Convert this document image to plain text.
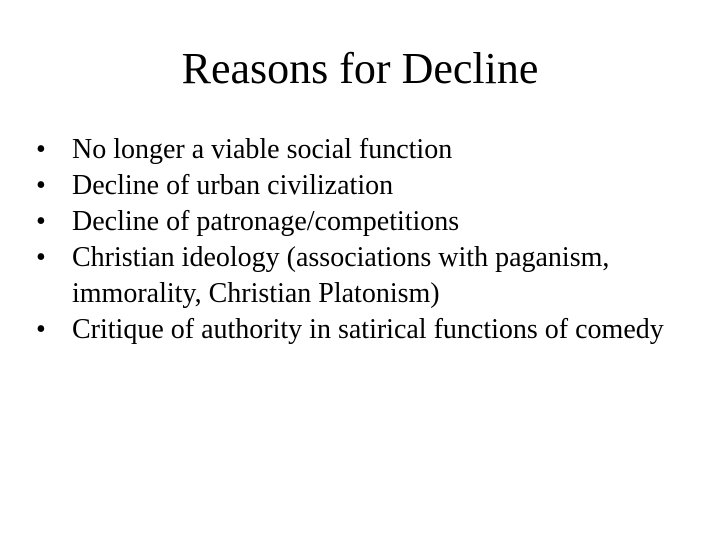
Reasons for Decline
• No longer a viable social function
• Decline of urban civilization
• Decline of patronage/competitions
• Christian ideology (associations with paganism, immorality, Christian Platonism)
• Critique of authority in satirical functions of comedy
